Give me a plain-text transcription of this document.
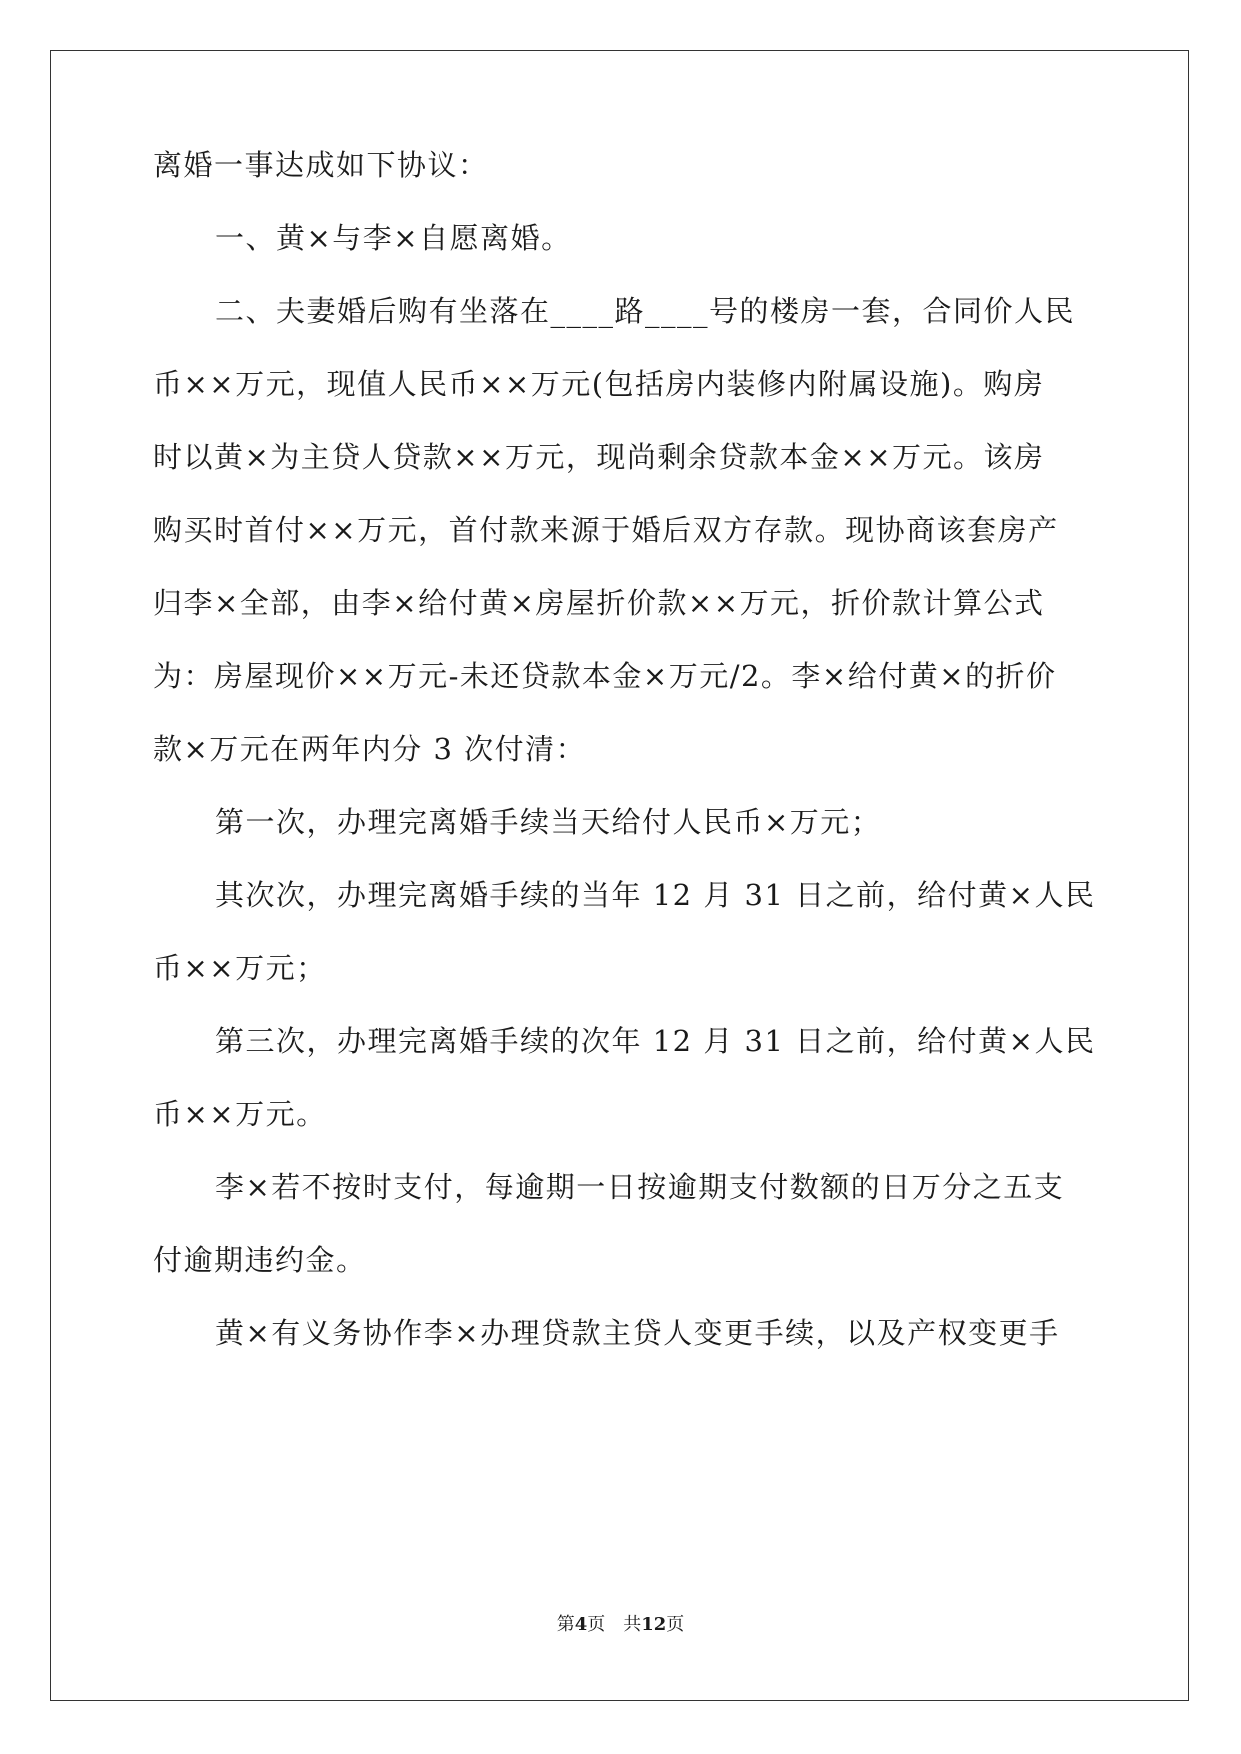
离婚一事达成如下协议：
一、黄×与李×自愿离婚。
二、夫妻婚后购有坐落在____路____号的楼房一套，合同价人民
币××万元，现值人民币××万元(包括房内装修内附属设施)。购房
时以黄×为主贷人贷款××万元，现尚剩余贷款本金××万元。该房
购买时首付××万元，首付款来源于婚后双方存款。现协商该套房产
归李×全部，由李×给付黄×房屋折价款××万元，折价款计算公式
为：房屋现价××万元-未还贷款本金×万元/2。李×给付黄×的折价
款×万元在两年内分 3 次付清：
第一次，办理完离婚手续当天给付人民币×万元；
其次次，办理完离婚手续的当年 12 月 31 日之前，给付黄×人民
币××万元；
第三次，办理完离婚手续的次年 12 月 31 日之前，给付黄×人民
币××万元。
李×若不按时支付，每逾期一日按逾期支付数额的日万分之五支
付逾期违约金。
黄×有义务协作李×办理贷款主贷人变更手续，以及产权变更手
第4页　共12页
